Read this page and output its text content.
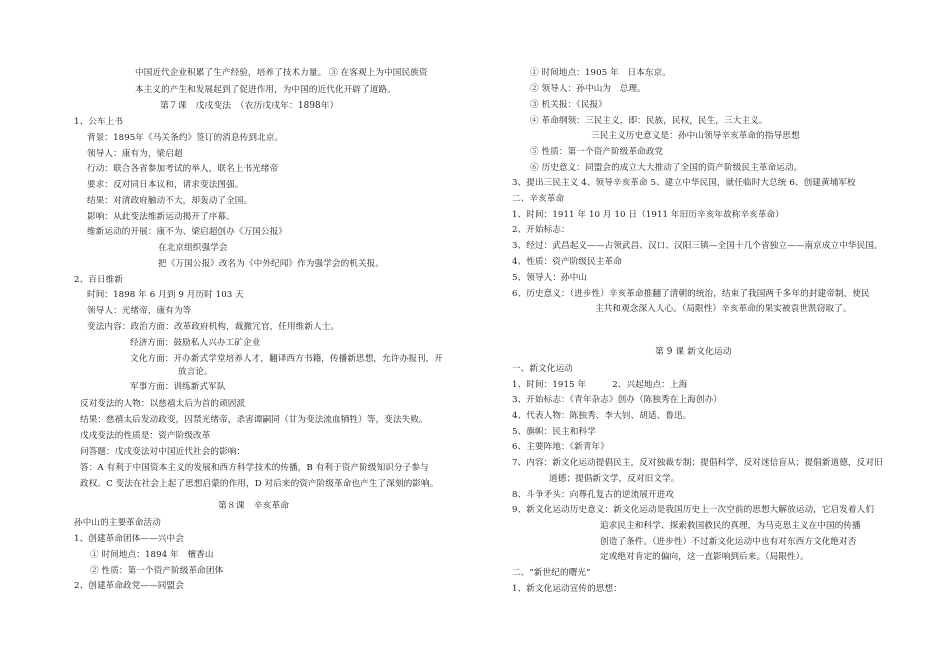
中国近代企业积累了生产经验，培养了技术力量。 ③ 在客观上为中国民族资
本主义的产生和发展起到了促进作用，为中国的近代化开辟了道路。
第７课　戊戌变法　（农历戊戌年：1898年）
1、公车上书
背景：1895年《马关条约》签订的消息传到北京。
领导人：康有为，梁启超
行动：联合各省参加考试的举人，联名上书光绪帝
要求：反对同日本议和，请求变法图强。
结果：对清政府触动不大，却轰动了全国。
影响：从此变法维新运动揭开了序幕。
维新运动的开展：康不为、梁启超创办《万国公报》
在北京组织强学会
把《万国公报》改名为《中外纪闻》作为强学会的机关报。
2、百日维新
时间：1898 年 6 月到 9 月历时 103 天
领导人：光绪帝，康有为等
变法内容：政治方面：改革政府机构，裁撤冗官，任用维新人士。
经济方面：鼓励私人兴办工矿企业
文化方面：开办新式学堂培养人才，翻译西方书籍，传播新思想，允许办报刊，开
放言论。
军事方面：训练新式军队
反对变法的人物：以慈禧太后为首的顽固派
结果：慈禧太后发动政变，囚禁光绪帝，杀害谭嗣同（甘为变法流血牺牲）等，变法失败。
戊戌变法的性质是：资产阶级改革
问答题：戊戌变法对中国近代社会的影响：
答：A 有利于中国资本主义的发展和西方科学技术的传播，B 有利于资产阶级知识分子参与
政权。C 变法在社会上起了思想启蒙的作用，D 对后来的资产阶级革命也产生了深刻的影响。
第８课　辛亥革命
孙中山的主要革命活动
1、创建革命团体——兴中会
① 时间地点：1894 年　檀香山
② 性质：第一个资产阶级革命团体
2、创建革命政党——同盟会
① 时间地点：1905 年　日本东京。
② 领导人：孙中山为　总理。
③ 机关报：《民报》
④ 革命纲领：三民主义，即：民族，民权，民生，三大主义。
三民主义历史意义是：孙中山领导辛亥革命的指导思想
⑤ 性质：第一个资产阶级革命政党
⑥ 历史意义：同盟会的成立大大推动了全国的资产阶级民主革命运动。
3、提出三民主义 4、领导辛亥革命 5、建立中华民国，就任临时大总统 6、创建黄埔军校
二、辛亥革命
1、时间：1911 年 10 月 10 日（1911 年旧历辛亥年故称辛亥革命）
2、开始标志：
3、经过：武昌起义——占领武昌、汉口、汉阳三镇—全国十几个省独立——南京成立中华民国。
4、性质：资产阶级民主革命
5、领导人：孙中山
6、历史意义：（进步性）辛亥革命推翻了清朝的统治，结束了我国两千多年的封建帝制，使民
主共和观念深入人心。（局限性）辛亥革命的果实被袁世凯窃取了。
第 9 课 新文化运动
一、新文化运动
1、时间：1915 年　　　2、兴起地点：上海
3、开始标志：《青年杂志》创办（陈独秀在上海创办）
4、代表人物：陈独秀、李大钊、胡适、鲁迅。
5、旗帜：民主和科学
6、主要阵地：《新青年》
7、内容：新文化运动提倡民主，反对独裁专制；提倡科学，反对迷信盲从；提倡新道德，反对旧
道德；提倡新文学，反对旧文学。
8、斗争矛头：向尊孔复古的逆流展开进攻
9、新文化运动历史意义：新文化运动是我国历史上一次空前的思想大解放运动，它启发着人们
追求民主和科学、探索救国救民的真理，为马克思主义在中国的传播
创造了条件。（进步性）不过新文化运动中也有对东西方文化绝对否
定或绝对肯定的偏向，这一直影响到后来。（局限性）。
二、“新世纪的曙光”
1、新文化运动宣传的思想：
